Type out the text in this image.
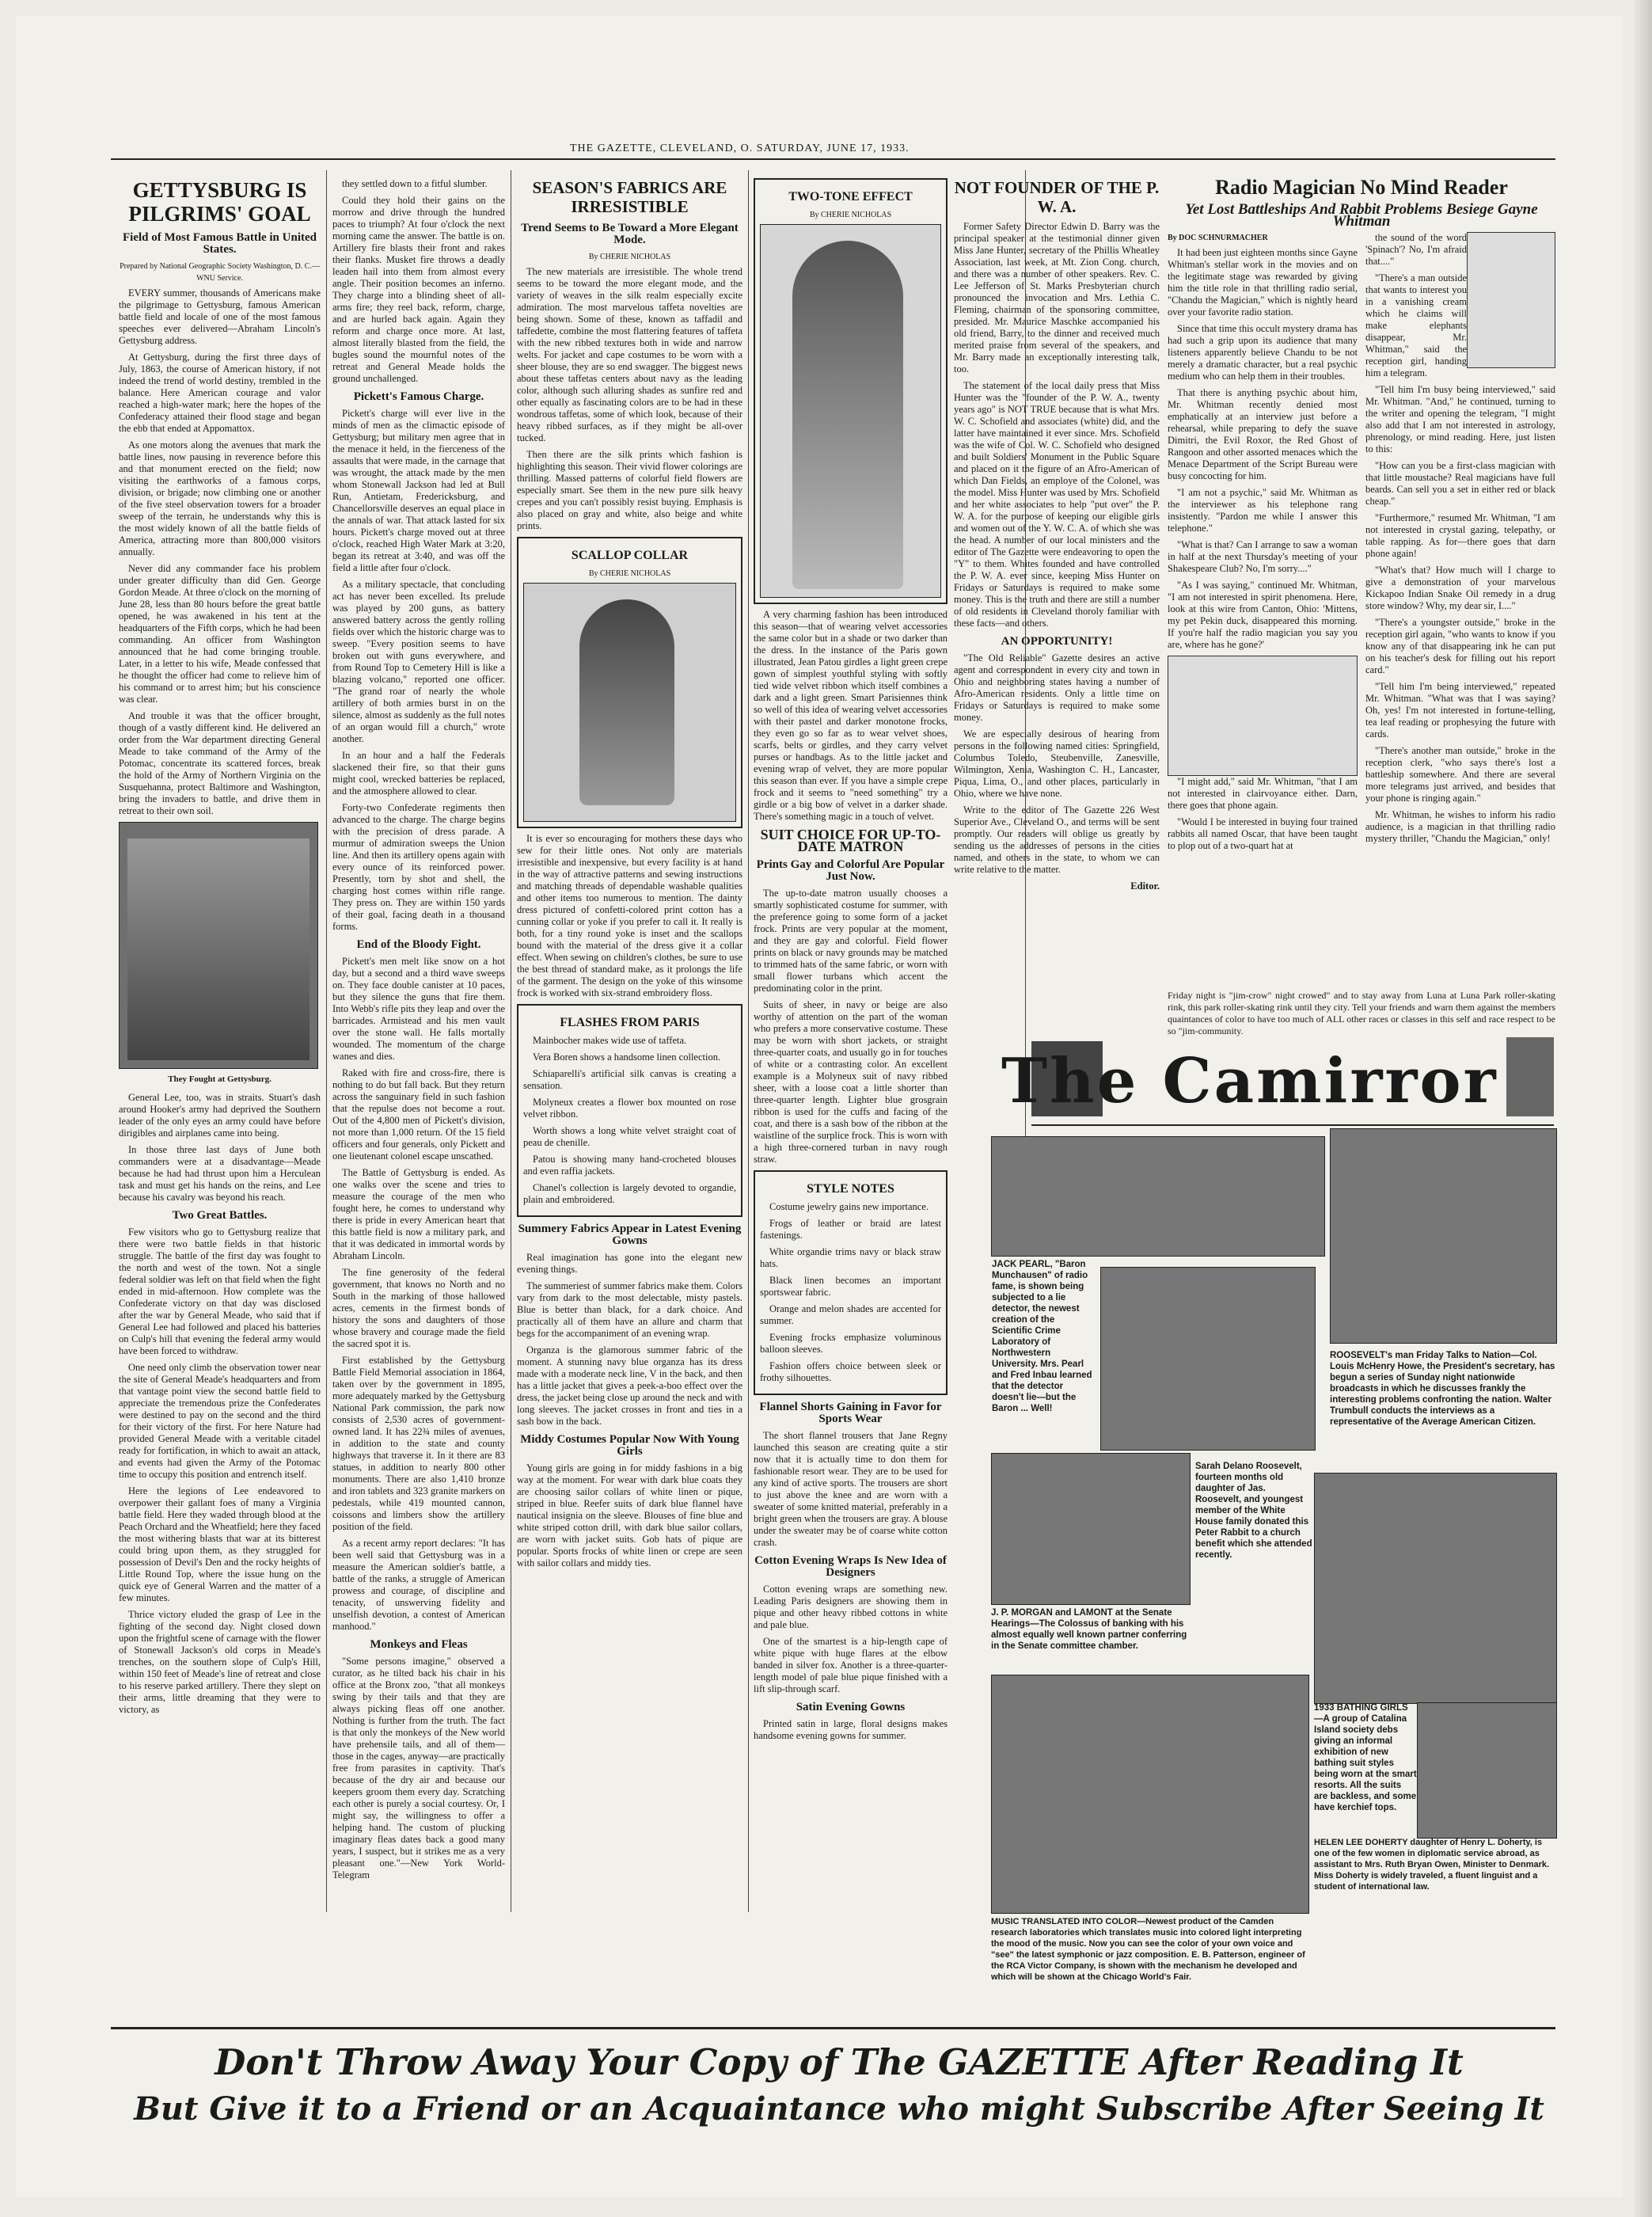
THE GAZETTE, CLEVELAND, O. SATURDAY, JUNE 17, 1933.
GETTYSBURG IS PILGRIMS' GOAL
Field of Most Famous Battle in United States.
Prepared by National Geographic Society Washington, D. C.—WNU Service.

EVERY summer, thousands of Americans make the pilgrimage to Gettysburg, famous American battle field and locale of one of the most famous speeches ever delivered—Abraham Lincoln's Gettysburg address.

At Gettysburg, during the first three days of July, 1863, the course of American history, if not indeed the trend of world destiny, trembled in the balance. Here American courage and valor reached a high-water mark; here the hopes of the Confederacy attained their flood stage and began the ebb that ended at Appomattox.

As one motors along the avenues that mark the battle lines, now pausing in reverence before this and that monument erected on the field; now visiting the earthworks of a famous corps, division, or brigade; now climbing one or another of the five steel observation towers for a broader sweep of the terrain, he understands why this is the most widely known of all the battle fields of America, attracting more than 800,000 visitors annually.

Never did any commander face his problem under greater difficulty than did Gen. George Gordon Meade. At three o'clock on the morning of June 28, less than 80 hours before the great battle opened, he was awakened in his tent at the headquarters of the Fifth corps, which he had been commanding. An officer from Washington announced that he had come bringing trouble. Later, in a letter to his wife, Meade confessed that he thought the officer had come to relieve him of his command or to arrest him; but his conscience was clear.

And trouble it was that the officer brought, though of a vastly different kind. He delivered an order from the War department directing General Meade to take command of the Army of the Potomac, concentrate its scattered forces, break the hold of the Army of Northern Virginia on the Susquehanna, protect Baltimore and Washington, bring the invaders to battle, and drive them in retreat to their own soil.

They Fought at Gettysburg.

General Lee, too, was in straits. Stuart's dash around Hooker's army had deprived the Southern leader of the only eyes an army could have before dirigibles and airplanes came into being.

In those three last days of June both commanders were at a disadvantage—Meade because he had had thrust upon him a Herculean task and must get his hands on the reins, and Lee because his cavalry was beyond his reach.

Two Great Battles.

Few visitors who go to Gettysburg realize that there were two battle fields in that historic struggle. The battle of the first day was fought to the north and west of the town. Not a single federal soldier was left on that field when the fight ended in mid-afternoon. How complete was the Confederate victory on that day was disclosed after the war by General Meade, who said that if General Lee had followed and placed his batteries on Culp's hill that evening the federal army would have been forced to withdraw.

One need only climb the observation tower near the site of General Meade's headquarters and from that vantage point view the second battle field to appreciate the tremendous prize the Confederates were destined to pay on the second and the third for their victory of the first. For here Nature had provided General Meade with a veritable citadel ready for fortification, in which to await an attack, and events had given the Army of the Potomac time to occupy this position and entrench itself.

Here the legions of Lee endeavored to overpower their gallant foes of many a Virginia battle field. Here they waded through blood at the Peach Orchard and the Wheatfield; here they faced the most withering blasts that war at its bitterest could bring upon them, as they struggled for possession of Devil's Den and the rocky heights of Little Round Top, where the issue hung on the quick eye of General Warren and the matter of a few minutes.

Thrice victory eluded the grasp of Lee in the fighting of the second day. Night closed down upon the frightful scene of carnage with the flower of Stonewall Jackson's old corps in Meade's trenches, on the southern slope of Culp's Hill, within 150 feet of Meade's line of retreat and close to his reserve parked artillery. There they slept on their arms, little dreaming that they were to victory, as

they settled down to a fitful slumber.

Could they hold their gains on the morrow and drive through the hundred paces to triumph? At four o'clock the next morning came the answer. The battle is on. Artillery fire blasts their front and rakes their flanks. Musket fire throws a deadly leaden hail into them from almost every angle. Their position becomes an inferno. They charge into a blinding sheet of all-arms fire; they reel back, reform, charge, and are hurled back again. Again they reform and charge once more. At last, almost literally blasted from the field, the bugles sound the mournful notes of the retreat and General Meade holds the ground unchallenged.

Pickett's Famous Charge.

Pickett's charge will ever live in the minds of men as the climactic episode of Gettysburg; but military men agree that in the menace it held, in the fierceness of the assaults that were made, in the carnage that was wrought, the attack made by the men whom Stonewall Jackson had led at Bull Run, Antietam, Fredericksburg, and Chancellorsville deserves an equal place in the annals of war. That attack lasted for six hours. Pickett's charge moved out at three o'clock, reached High Water Mark at 3:20, began its retreat at 3:40, and was off the field a little after four o'clock.

As a military spectacle, that concluding act has never been excelled. Its prelude was played by 200 guns, as battery answered battery across the gently rolling fields over which the historic charge was to sweep. "Every position seems to have broken out with guns everywhere, and from Round Top to Cemetery Hill is like a blazing volcano," reported one officer. "The grand roar of nearly the whole artillery of both armies burst in on the silence, almost as suddenly as the full notes of an organ would fill a church," wrote another.

In an hour and a half the Federals slackened their fire, so that their guns might cool, wrecked batteries be replaced, and the atmosphere allowed to clear.

Forty-two Confederate regiments then advanced to the charge. The charge begins with the precision of dress parade. A murmur of admiration sweeps the Union line. And then its artillery opens again with every ounce of its reinforced power. Presently, torn by shot and shell, the charging host comes within rifle range. They press on. They are within 150 yards of their goal, facing death in a thousand forms.

End of the Bloody Fight.

Pickett's men melt like snow on a hot day, but a second and a third wave sweeps on. They face double canister at 10 paces, but they silence the guns that fire them. Into Webb's rifle pits they leap and over the barricades. Armistead and his men vault over the stone wall. He falls mortally wounded. The momentum of the charge wanes and dies.

Raked with fire and cross-fire, there is nothing to do but fall back. But they return across the sanguinary field in such fashion that the repulse does not become a rout. Out of the 4,800 men of Pickett's division, not more than 1,000 return. Of the 15 field officers and four generals, only Pickett and one lieutenant colonel escape unscathed.

The Battle of Gettysburg is ended. As one walks over the scene and tries to measure the courage of the men who fought here, he comes to understand why there is pride in every American heart that this battle field is now a military park, and that it was dedicated in immortal words by Abraham Lincoln.

The fine generosity of the federal government, that knows no North and no South in the marking of those hallowed acres, cements in the firmest bonds of history the sons and daughters of those whose bravery and courage made the field the sacred spot it is.

First established by the Gettysburg Battle Field Memorial association in 1864, taken over by the government in 1895, more adequately marked by the Gettysburg National Park commission, the park now consists of 2,530 acres of government-owned land. It has 22¾ miles of avenues, in addition to the state and county highways that traverse it. In it there are 83 statues, in addition to nearly 800 other monuments. There are also 1,410 bronze and iron tablets and 323 granite markers on pedestals, while 419 mounted cannon, coissons and limbers show the artillery position of the field.

As a recent army report declares: "It has been well said that Gettysburg was in a measure the American soldier's battle, a battle of the ranks, a struggle of American prowess and courage, of discipline and tenacity, of unswerving fidelity and unselfish devotion, a contest of American manhood."

Monkeys and Fleas

"Some persons imagine," observed a curator, as he tilted back his chair in his office at the Bronx zoo, "that all monkeys swing by their tails and that they are always picking fleas off one another. Nothing is further from the truth. The fact is that only the monkeys of the New world have prehensile tails, and all of them—those in the cages, anyway—are practically free from parasites in captivity. That's because of the dry air and because our keepers groom them every day. Scratching each other is purely a social courtesy. Or, I might say, the willingness to offer a helping hand. The custom of plucking imaginary fleas dates back a good many years, I suspect, but it strikes me as a very pleasant one."—New York World-Telegram

SEASON'S FABRICS ARE IRRESISTIBLE
Trend Seems to Be Toward a More Elegant Mode.
By CHERIE NICHOLAS

The new materials are irresistible. The whole trend seems to be toward the more elegant mode, and the variety of weaves in the silk realm especially excite admiration. The most marvelous taffeta novelties are being shown. Some of these, known as taffadil and taffedette, combine the most flattering features of taffeta with the new ribbed textures both in wide and narrow welts. For jacket and cape costumes to be worn with a sheer blouse, they are so end swagger. The biggest news about these taffetas centers about navy as the leading color, although such alluring shades as sunfire red and other equally as fascinating colors are to be had in these wondrous taffetas, some of which look, because of their heavy ribbed surfaces, as if they might be all-over tucked.

Then there are the silk prints which fashion is highlighting this season. Their vivid flower colorings are thrilling. Massed patterns of colorful field flowers are especially smart. See them in the new pure silk heavy crepes and you can't possibly resist buying. Emphasis is also placed on gray and white, also beige and white prints.

SCALLOP COLLAR
By CHERIE NICHOLAS

It is ever so encouraging for mothers these days who sew for their little ones. Not only are materials irresistible and inexpensive, but every facility is at hand in the way of attractive patterns and sewing instructions and matching threads of dependable washable qualities and other items too numerous to mention. The dainty dress pictured of confetti-colored print cotton has a cunning collar or yoke if you prefer to call it. It really is both, for a tiny round yoke is inset and the scallops bound with the material of the dress give it a collar effect. When sewing on children's clothes, be sure to use the best thread of standard make, as it prolongs the life of the garment. The design on the yoke of this winsome frock is worked with six-strand embroidery floss.

FLASHES FROM PARIS

Mainbocher makes wide use of taffeta.

Vera Boren shows a handsome linen collection.

Schiaparelli's artificial silk canvas is creating a sensation.

Molyneux creates a flower box mounted on rose velvet ribbon.

Worth shows a long white velvet straight coat of peau de chenille.

Patou is showing many hand-crocheted blouses and even raffia jackets.

Chanel's collection is largely devoted to organdie, plain and embroidered.

Summery Fabrics Appear in Latest Evening Gowns

Real imagination has gone into the elegant new evening things.

The summeriest of summer fabrics make them. Colors vary from dark to the most delectable, misty pastels. Blue is better than black, for a dark choice. And practically all of them have an allure and charm that begs for the accompaniment of an evening wrap.

Organza is the glamorous summer fabric of the moment. A stunning navy blue organza has its dress made with a moderate neck line, V in the back, and then has a little jacket that gives a peek-a-boo effect over the dress, the jacket being close up around the neck and with long sleeves. The jacket crosses in front and ties in a sash bow in the back.

Middy Costumes Popular Now With Young Girls

Young girls are going in for middy fashions in a big way at the moment. For wear with dark blue coats they are choosing sailor collars of white linen or pique, striped in blue. Reefer suits of dark blue flannel have nautical insignia on the sleeve. Blouses of fine blue and white striped cotton drill, with dark blue sailor collars, are worn with jacket suits. Gob hats of pique are popular. Sports frocks of white linen or crepe are seen with sailor collars and middy ties.

TWO-TONE EFFECT
By CHERIE NICHOLAS

A very charming fashion has been introduced this season—that of wearing velvet accessories the same color but in a shade or two darker than the dress. In the instance of the Paris gown illustrated, Jean Patou girdles a light green crepe gown of simplest youthful styling with softly tied wide velvet ribbon which itself combines a dark and a light green. Smart Parisiennes think so well of this idea of wearing velvet accessories with their pastel and darker monotone frocks, they even go so far as to wear velvet shoes, scarfs, belts or girdles, and they carry velvet purses or handbags. As to the little jacket and evening wrap of velvet, they are more popular this season than ever. If you have a simple crepe frock and it seems to "need something" try a girdle or a big bow of velvet in a darker shade. There's something magic in a touch of velvet.

SUIT CHOICE FOR UP-TO-DATE MATRON
Prints Gay and Colorful Are Popular Just Now.

The up-to-date matron usually chooses a smartly sophisticated costume for summer, with the preference going to some form of a jacket frock. Prints are very popular at the moment, and they are gay and colorful. Field flower prints on black or navy grounds may be matched to trimmed hats of the same fabric, or worn with small flower turbans which accent the predominating color in the print.

Suits of sheer, in navy or beige are also worthy of attention on the part of the woman who prefers a more conservative costume. These may be worn with short jackets, or straight three-quarter coats, and usually go in for touches of white or a contrasting color. An excellent example is a Molyneux suit of navy ribbed sheer, with a loose coat a little shorter than three-quarter length. Lighter blue grosgrain ribbon is used for the cuffs and facing of the coat, and there is a sash bow of the ribbon at the waistline of the surplice frock. This is worn with a high three-cornered turban in navy rough straw.

STYLE NOTES

Costume jewelry gains new importance.

Frogs of leather or braid are latest fastenings.

White organdie trims navy or black straw hats.

Black linen becomes an important sportswear fabric.

Orange and melon shades are accented for summer.

Evening frocks emphasize voluminous balloon sleeves.

Fashion offers choice between sleek or frothy silhouettes.

Flannel Shorts Gaining in Favor for Sports Wear

The short flannel trousers that Jane Regny launched this season are creating quite a stir now that it is actually time to don them for fashionable resort wear. They are to be used for any kind of active sports. The trousers are short to just above the knee and are worn with a sweater of some knitted material, preferably in a bright green when the trousers are gray. A blouse under the sweater may be of coarse white cotton crash.

Cotton Evening Wraps Is New Idea of Designers

Cotton evening wraps are something new. Leading Paris designers are showing them in pique and other heavy ribbed cottons in white and pale blue.

One of the smartest is a hip-length cape of white pique with huge flares at the elbow banded in silver fox. Another is a three-quarter-length model of pale blue pique finished with a lift slip-through scarf.

Satin Evening Gowns

Printed satin in large, floral designs makes handsome evening gowns for summer.

NOT FOUNDER OF THE P. W. A.

Former Safety Director Edwin D. Barry was the principal speaker at the testimonial dinner given Miss Jane Hunter, secretary of the Phillis Wheatley Association, last week, at Mt. Zion Cong. church, and there was a number of other speakers. Rev. C. Lee Jefferson of St. Marks Presbyterian church pronounced the invocation and Mrs. Lethia C. Fleming, chairman of the sponsoring committee, presided. Mr. Maurice Maschke accompanied his old friend, Barry, to the dinner and received much merited praise from several of the speakers, and Mr. Barry made an exceptionally interesting talk, too.

The statement of the local daily press that Miss Hunter was the "founder of the P. W. A., twenty years ago" is NOT TRUE because that is what Mrs. W. C. Schofield and associates (white) did, and the latter have maintained it ever since. Mrs. Schofield was the wife of Col. W. C. Schofield who designed and built Soldiers' Monument in the Public Square and placed on it the figure of an Afro-American of which Dan Fields, an employe of the Colonel, was the model. Miss Hunter was used by Mrs. Schofield and her white associates to help "put over" the P. W. A. for the purpose of keeping our eligible girls and women out of the Y. W. C. A. of which she was the head. A number of our local ministers and the editor of The Gazette were endeavoring to open the "Y" to them. Whites founded and have controlled the P. W. A. ever since, keeping Miss Hunter on Fridays or Saturdays is required to make some money. This is the truth and there are still a number of old residents in Cleveland thoroly familiar with these facts—and others.

AN OPPORTUNITY!

"The Old Reliable" Gazette desires an active agent and correspondent in every city and town in Ohio and neighboring states having a number of Afro-American residents. Only a little time on Fridays or Saturdays is required to make some money.

We are especially desirous of hearing from persons in the following named cities: Springfield, Columbus Toledo, Steubenville, Zanesville, Wilmington, Xenia, Washington C. H., Lancaster, Piqua, Lima, O., and other places, particularly in Ohio, where we have none.

Write to the editor of The Gazette 226 West Superior Ave., Cleveland O., and terms will be sent promptly. Our readers will oblige us greatly by sending us the addresses of persons in the cities named, and others in the state, to whom we can write relative to the matter.

Editor.
Radio Magician No Mind Reader
Yet Lost Battleships And Rabbit Problems Besiege Gayne Whitman
By DOC SCHNURMACHER

It had been just eighteen months since Gayne Whitman's stellar work in the movies and on the legitimate stage was rewarded by giving him the title role in that thrilling radio serial, "Chandu the Magician," which is nightly heard over your favorite radio station.

Since that time this occult mystery drama has had such a grip upon its audience that many listeners apparently believe Chandu to be not merely a dramatic character, but a real psychic medium who can help them in their troubles.

That there is anything psychic about him, Mr. Whitman recently denied most emphatically at an interview just before a rehearsal, while preparing to defy the suave Dimitri, the Evil Roxor, the Red Ghost of Rangoon and other assorted menaces which the Menace Department of the Script Bureau were busy concocting for him.

"I am not a psychic," said Mr. Whitman as the interviewer as his telephone rang insistently. "Pardon me while I answer this telephone."

"What is that? Can I arrange to saw a woman in half at the next Thursday's meeting of your Shakespeare Club? No, I'm sorry...."

"As I was saying," continued Mr. Whitman, "I am not interested in spirit phenomena. Here, look at this wire from Canton, Ohio: 'Mittens, my pet Pekin duck, disappeared this morning. If you're half the radio magician you say you are, where has he gone?'

"I might add," said Mr. Whitman, "that I am not interested in clairvoyance either. Darn, there goes that phone again.

"Would I be interested in buying four trained rabbits all named Oscar, that have been taught to plop out of a two-quart hat at

the sound of the word 'Spinach'? No, I'm afraid that...."

"There's a man outside that wants to interest you in a vanishing cream which he claims will make elephants disappear, Mr. Whitman," said the reception girl, handing him a telegram.

"Tell him I'm busy being interviewed," said Mr. Whitman. "And," he continued, turning to the writer and opening the telegram, "I might also add that I am not interested in astrology, phrenology, or mind reading. Here, just listen to this:

"How can you be a first-class magician with that little moustache? Real magicians have full beards. Can sell you a set in either red or black cheap."

"Furthermore," resumed Mr. Whitman, "I am not interested in crystal gazing, telepathy, or table rapping. As for—there goes that darn phone again!

"What's that? How much will I charge to give a demonstration of your marvelous Kickapoo Indian Snake Oil remedy in a drug store window? Why, my dear sir, I...."

"There's a youngster outside," broke in the reception girl again, "who wants to know if you know any of that disappearing ink he can put on his teacher's desk for filling out his report card."

"Tell him I'm being interviewed," repeated Mr. Whitman. "What was that I was saying? Oh, yes! I'm not interested in fortune-telling, tea leaf reading or prophesying the future with cards.

"There's another man outside," broke in the reception clerk, "who says there's lost a battleship somewhere. And there are several more telegrams just arrived, and besides that your phone is ringing again."

Mr. Whitman, he wishes to inform his radio audience, is a magician in that thrilling radio mystery thriller, "Chandu the Magician," only!

Friday night is "jim-crow" night crowed" and to stay away from Luna at Luna Park roller-skating rink, this park roller-skating rink until they city. Tell your friends and warn them against the members quaintances of color to have too much of ALL other races or classes in this self and race respect to be so "jim-community.
The Camirror
JACK PEARL, "Baron Munchausen" of radio fame, is shown being subjected to a lie detector, the newest creation of the Scientific Crime Laboratory of Northwestern University. Mrs. Pearl and Fred Inbau learned that the detector doesn't lie—but the Baron ... Well!
ROOSEVELT's man Friday Talks to Nation—Col. Louis McHenry Howe, the President's secretary, has begun a series of Sunday night nationwide broadcasts in which he discusses frankly the interesting problems confronting the nation. Walter Trumbull conducts the interviews as a representative of the Average American Citizen.
Sarah Delano Roosevelt, fourteen months old daughter of Jas. Roosevelt, and youngest member of the White House family donated this Peter Rabbit to a church benefit which she attended recently.
J. P. MORGAN and LAMONT at the Senate Hearings—The Colossus of banking with his almost equally well known partner conferring in the Senate committee chamber.
1933 BATHING GIRLS—A group of Catalina Island society debs giving an informal exhibition of new bathing suit styles being worn at the smart resorts. All the suits are backless, and some have kerchief tops.
MUSIC TRANSLATED INTO COLOR—Newest product of the Camden research laboratories which translates music into colored light interpreting the mood of the music. Now you can see the color of your own voice and "see" the latest symphonic or jazz composition. E. B. Patterson, engineer of the RCA Victor Company, is shown with the mechanism he developed and which will be shown at the Chicago World's Fair.
HELEN LEE DOHERTY daughter of Henry L. Doherty, is one of the few women in diplomatic service abroad, as assistant to Mrs. Ruth Bryan Owen, Minister to Denmark. Miss Doherty is widely traveled, a fluent linguist and a student of international law.
Don't Throw Away Your Copy of The GAZETTE After Reading It
But Give it to a Friend or an Acquaintance who might Subscribe After Seeing It
